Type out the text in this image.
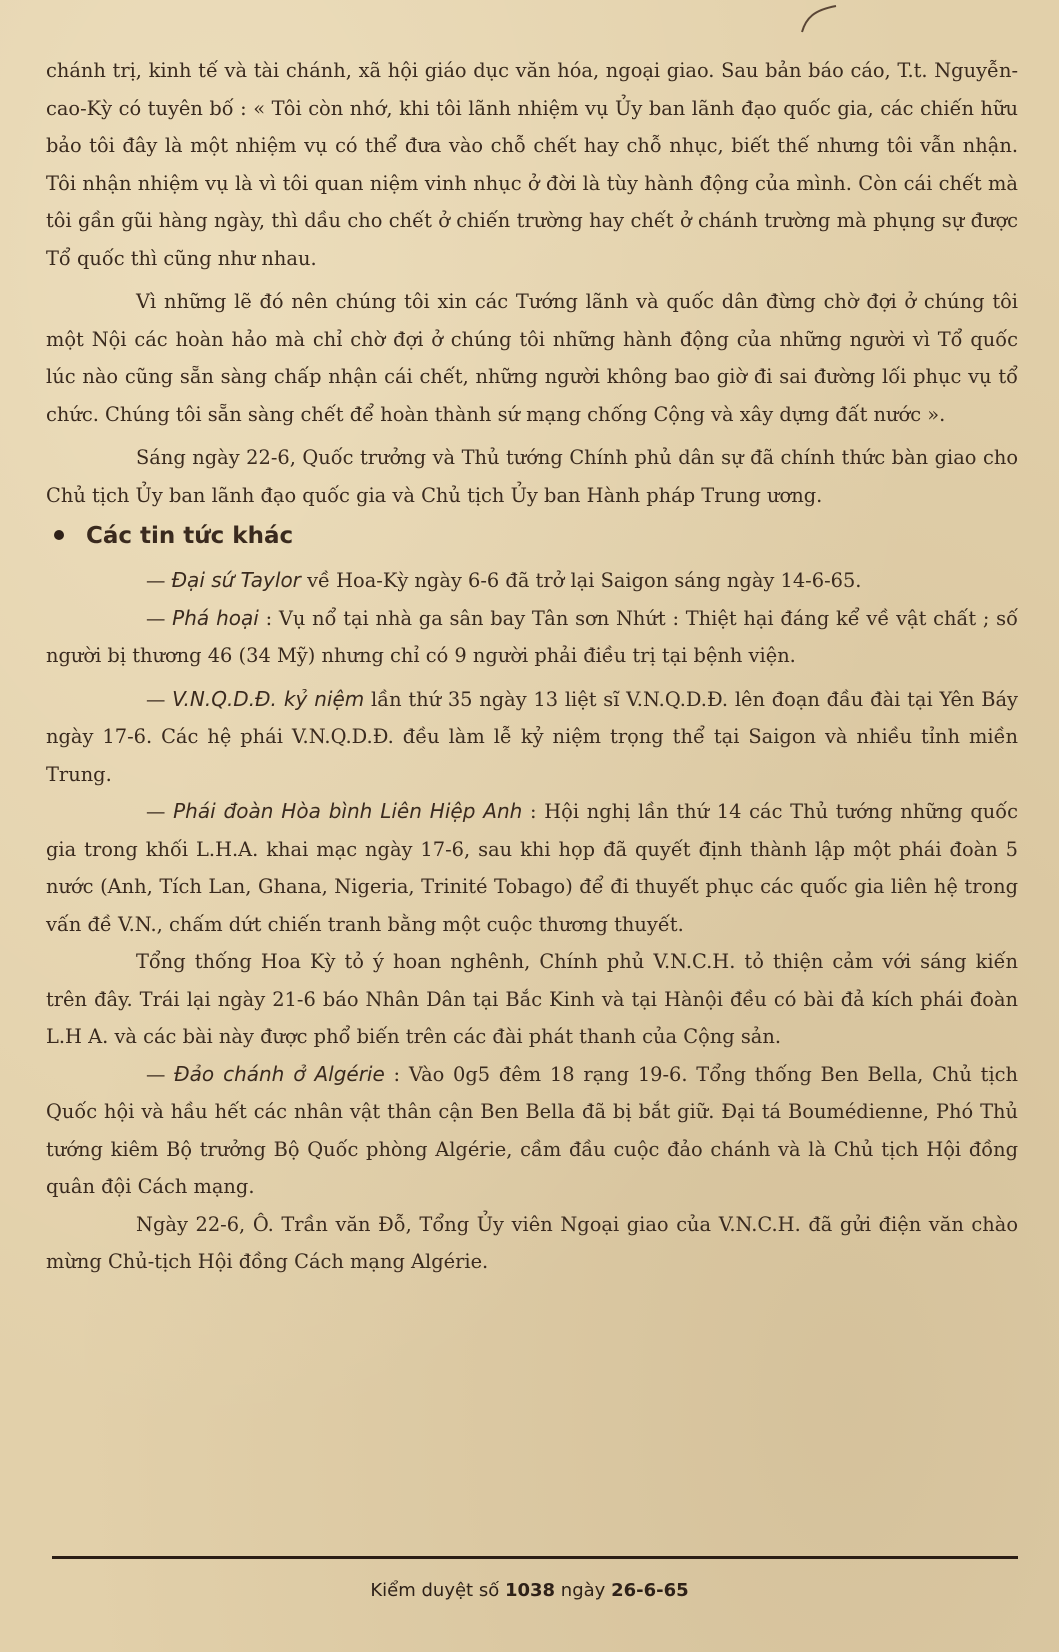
chánh trị, kinh tế và tài chánh, xã hội giáo dục văn hóa, ngoại giao. Sau bản báo cáo, T.t. Nguyễn-cao-Kỳ có tuyên bố : « Tôi còn nhớ, khi tôi lãnh nhiệm vụ Ủy ban lãnh đạo quốc gia, các chiến hữu bảo tôi đây là một nhiệm vụ có thể đưa vào chỗ chết hay chỗ nhục, biết thế nhưng tôi vẫn nhận. Tôi nhận nhiệm vụ là vì tôi quan niệm vinh nhục ở đời là tùy hành động của mình. Còn cái chết mà tôi gần gũi hàng ngày, thì dầu cho chết ở chiến trường hay chết ở chánh trường mà phụng sự được Tổ quốc thì cũng như nhau.

Vì những lẽ đó nên chúng tôi xin các Tướng lãnh và quốc dân đừng chờ đợi ở chúng tôi một Nội các hoàn hảo mà chỉ chờ đợi ở chúng tôi những hành động của những người vì Tổ quốc lúc nào cũng sẵn sàng chấp nhận cái chết, những người không bao giờ đi sai đường lối phục vụ tổ chức. Chúng tôi sẵn sàng chết để hoàn thành sứ mạng chống Cộng và xây dựng đất nước ».

Sáng ngày 22-6, Quốc trưởng và Thủ tướng Chính phủ dân sự đã chính thức bàn giao cho Chủ tịch Ủy ban lãnh đạo quốc gia và Chủ tịch Ủy ban Hành pháp Trung ương.

Các tin tức khác

— Đại sứ Taylor về Hoa-Kỳ ngày 6-6 đã trở lại Saigon sáng ngày 14-6-65.

— Phá hoại : Vụ nổ tại nhà ga sân bay Tân sơn Nhứt : Thiệt hại đáng kể về vật chất ; số người bị thương 46 (34 Mỹ) nhưng chỉ có 9 người phải điều trị tại bệnh viện.

— V.N.Q.D.Đ. kỷ niệm lần thứ 35 ngày 13 liệt sĩ V.N.Q.D.Đ. lên đoạn đầu đài tại Yên Báy ngày 17-6. Các hệ phái V.N.Q.D.Đ. đều làm lễ kỷ niệm trọng thể tại Saigon và nhiều tỉnh miền Trung.

— Phái đoàn Hòa bình Liên Hiệp Anh : Hội nghị lần thứ 14 các Thủ tướng những quốc gia trong khối L.H.A. khai mạc ngày 17-6, sau khi họp đã quyết định thành lập một phái đoàn 5 nước (Anh, Tích Lan, Ghana, Nigeria, Trinité Tobago) để đi thuyết phục các quốc gia liên hệ trong vấn đề V.N., chấm dứt chiến tranh bằng một cuộc thương thuyết.

Tổng thống Hoa Kỳ tỏ ý hoan nghênh, Chính phủ V.N.C.H. tỏ thiện cảm với sáng kiến trên đây. Trái lại ngày 21-6 báo Nhân Dân tại Bắc Kinh và tại Hànội đều có bài đả kích phái đoàn L.H A. và các bài này được phổ biến trên các đài phát thanh của Cộng sản.

— Đảo chánh ở Algérie : Vào 0g5 đêm 18 rạng 19-6. Tổng thống Ben Bella, Chủ tịch Quốc hội và hầu hết các nhân vật thân cận Ben Bella đã bị bắt giữ. Đại tá Boumédienne, Phó Thủ tướng kiêm Bộ trưởng Bộ Quốc phòng Algérie, cầm đầu cuộc đảo chánh và là Chủ tịch Hội đồng quân đội Cách mạng.

Ngày 22-6, Ô. Trần văn Đỗ, Tổng Ủy viên Ngoại giao của V.N.C.H. đã gửi điện văn chào mừng Chủ-tịch Hội đồng Cách mạng Algérie.

Kiểm duyệt số 1038 ngày 26-6-65
